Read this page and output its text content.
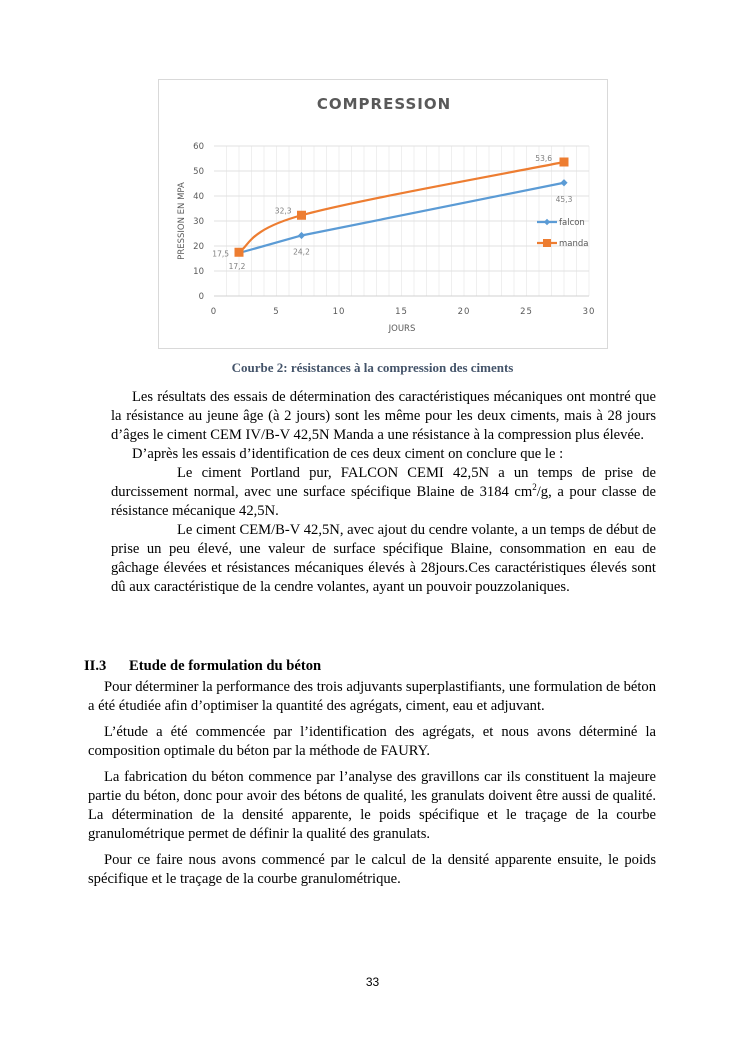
COMPRESSION
0
10
20
30
40
50
60
0	5	10	15	20	25	30
JOURS
PRESSION EN MPA
17,2
24,2
45,3
17,5
32,3
53,6
falcon
manda
Courbe 2: résistances à la compression des ciments

Les résultats des essais de détermination des caractéristiques mécaniques ont montré que la résistance au jeune âge (à 2 jours) sont les même pour les deux ciments, mais à 28 jours d’âges le ciment CEM IV/B-V 42,5N Manda a une résistance à la compression plus élevée.

D’après les essais d’identification de ces deux ciment on conclure que le :

Le ciment Portland pur, FALCON CEMI 42,5N a un temps de prise de durcissement normal, avec une surface spécifique Blaine de 3184 $cm^2/g$, a pour classe de résistance mécanique 42,5N.

Le ciment CEM/B-V 42,5N, avec ajout du cendre volante, a un temps de début de prise un peu élevé, une valeur de surface spécifique Blaine, consommation en eau de gâchage élevées et résistances mécaniques élevés à 28jours.Ces caractéristiques élevés sont dû aux caractéristique de la cendre volantes, ayant un pouvoir pouzzolaniques.

II.3 Etude de formulation du béton

Pour déterminer la performance des trois adjuvants superplastifiants, une formulation de béton a été étudiée afin d’optimiser la quantité des agrégats, ciment, eau et adjuvant.

L’étude a été commencée par l’identification des agrégats, et nous avons déterminé la composition optimale du béton par la méthode de FAURY.

La fabrication du béton commence par l’analyse des gravillons car ils constituent la majeure partie du béton, donc pour avoir des bétons de qualité, les granulats doivent être aussi de qualité. La détermination de la densité apparente, le poids spécifique et le traçage de la courbe granulométrique permet de définir la qualité des granulats.

Pour ce faire nous avons commencé par le calcul de la densité apparente ensuite, le poids spécifique et le traçage de la courbe granulométrique.

33
